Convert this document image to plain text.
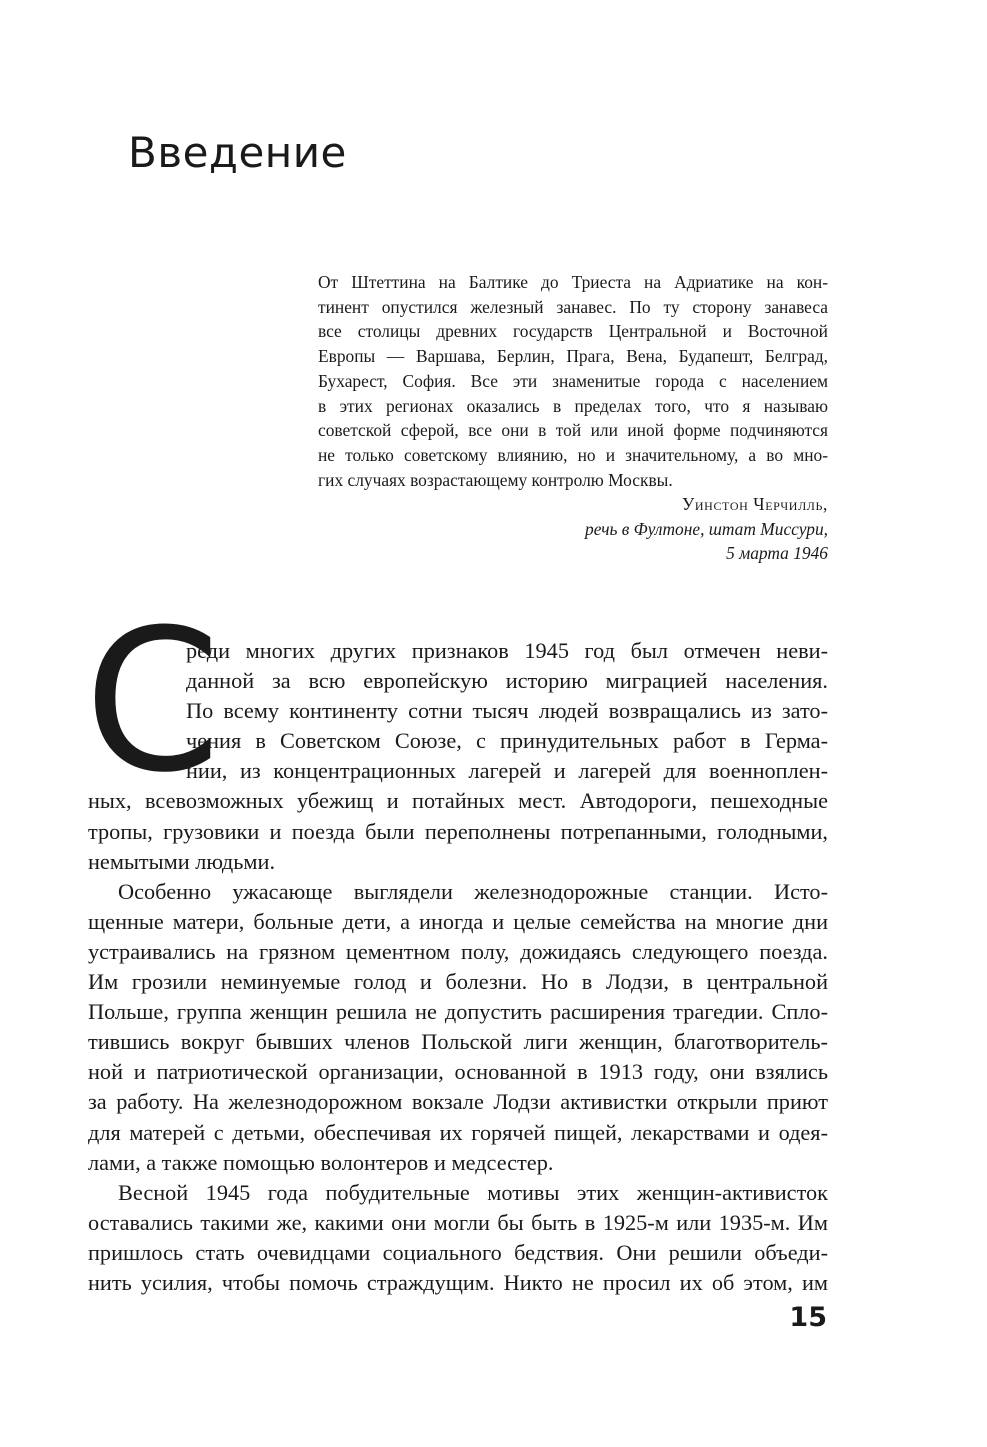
Введение
От Штеттина на Балтике до Триеста на Адриатике на кон-
тинент опустился железный занавес. По ту сторону занавеса
все столицы древних государств Центральной и Восточной
Европы — Варшава, Берлин, Прага, Вена, Будапешт, Белград,
Бухарест, София. Все эти знаменитые города с населением
в этих регионах оказались в пределах того, что я называю
советской сферой, все они в той или иной форме подчиняются
не только советскому влиянию, но и значительному, а во мно-
гих случаях возрастающему контролю Москвы.
Уинстон Черчилль,
речь в Фултоне, штат Миссури,
5 марта 1946
С
реди многих других признаков 1945 год был отмечен неви-
данной за всю европейскую историю миграцией населения.
По всему континенту сотни тысяч людей возвращались из зато-
чения в Советском Союзе, с принудительных работ в Герма-
нии, из концентрационных лагерей и лагерей для военноплен-
ных, всевозможных убежищ и потайных мест. Автодороги, пешеходные
тропы, грузовики и поезда были переполнены потрепанными, голодными,
немытыми людьми.
Особенно ужасающе выглядели железнодорожные станции. Исто-
щенные матери, больные дети, а иногда и целые семейства на многие дни
устраивались на грязном цементном полу, дожидаясь следующего поезда.
Им грозили неминуемые голод и болезни. Но в Лодзи, в центральной
Польше, группа женщин решила не допустить расширения трагедии. Спло-
тившись вокруг бывших членов Польской лиги женщин, благотворитель-
ной и патриотической организации, основанной в 1913 году, они взялись
за работу. На железнодорожном вокзале Лодзи активистки открыли приют
для матерей с детьми, обеспечивая их горячей пищей, лекарствами и одея-
лами, а также помощью волонтеров и медсестер.
Весной 1945 года побудительные мотивы этих женщин-активисток
оставались такими же, какими они могли бы быть в 1925-м или 1935-м. Им
пришлось стать очевидцами социального бедствия. Они решили объеди-
нить усилия, чтобы помочь страждущим. Никто не просил их об этом, им
15
